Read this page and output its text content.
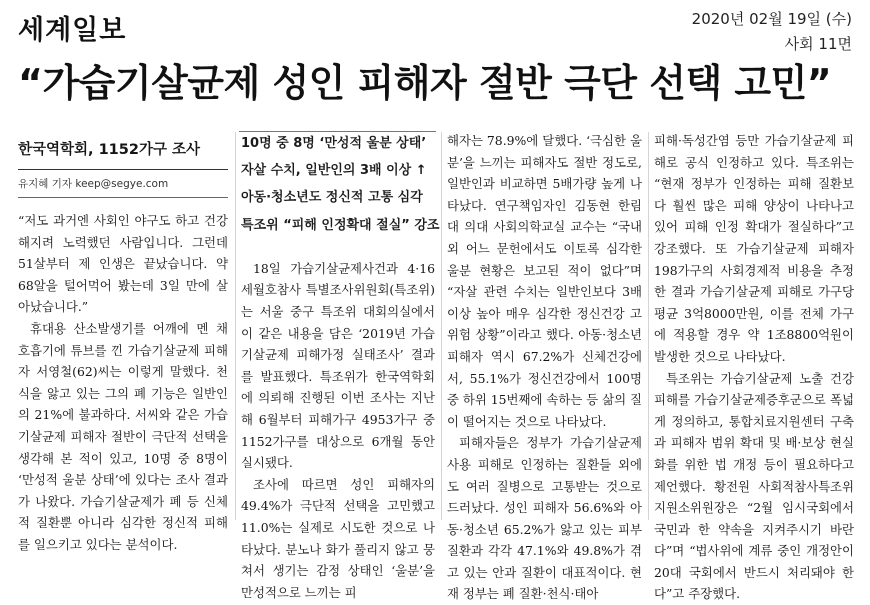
세계일보	2020년 02월 19일 (수)
사회 11면
“가습기살균제 성인 피해자 절반 극단 선택 고민”
한국역학회, 1152가구 조사
유지혜 기자 keep@segye.com

“저도 과거엔 사회인 야구도 하고 건강해지려 노력했던 사람입니다. 그런데 51살부터 제 인생은 끝났습니다. 약 68알을 털어먹어 봤는데 3일 만에 살아났습니다.”

휴대용 산소발생기를 어깨에 멘 채 호흡기에 튜브를 낀 가습기살균제 피해자 서영철(62)씨는 이렇게 말했다. 천식을 앓고 있는 그의 폐 기능은 일반인의 21%에 불과하다. 서씨와 같은 가습기살균제 피해자 절반이 극단적 선택을 생각해 본 적이 있고, 10명 중 8명이 ‘만성적 울분 상태’에 있다는 조사 결과가 나왔다. 가습기살균제가 폐 등 신체적 질환뿐 아니라 심각한 정신적 피해를 일으키고 있다는 분석이다.

10명 중 8명 ‘만성적 울분 상태’
자살 수치, 일반인의 3배 이상 ↑
아동·청소년도 정신적 고통 심각
특조위 “피해 인정확대 절실” 강조

18일 가습기살균제사건과 4·16세월호참사 특별조사위원회(특조위)는 서울 중구 특조위 대회의실에서 이 같은 내용을 담은 ‘2019년 가습기살균제 피해가정 실태조사’ 결과를 발표했다. 특조위가 한국역학회에 의뢰해 진행된 이번 조사는 지난해 6월부터 피해가구 4953가구 중 1152가구를 대상으로 6개월 동안 실시됐다.

조사에 따르면 성인 피해자의 49.4%가 극단적 선택을 고민했고 11.0%는 실제로 시도한 것으로 나타났다. 분노나 화가 풀리지 않고 뭉쳐서 생기는 감정 상태인 ‘울분’을 만성적으로 느끼는 피

해자는 78.9%에 달했다. ‘극심한 울분’을 느끼는 피해자도 절반 정도로, 일반인과 비교하면 5배가량 높게 나타났다. 연구책임자인 김동현 한림대 의대 사회의학교실 교수는 “국내외 어느 문헌에서도 이토록 심각한 울분 현황은 보고된 적이 없다”며 “자살 관련 수치는 일반인보다 3배 이상 높아 매우 심각한 정신건강 고위험 상황”이라고 했다. 아동·청소년 피해자 역시 67.2%가 신체건강에서, 55.1%가 정신건강에서 100명 중 하위 15번째에 속하는 등 삶의 질이 떨어지는 것으로 나타났다.

피해자들은 정부가 가습기살균제 사용 피해로 인정하는 질환들 외에도 여러 질병으로 고통받는 것으로 드러났다. 성인 피해자 56.6%와 아동·청소년 65.2%가 앓고 있는 피부 질환과 각각 47.1%와 49.8%가 겪고 있는 안과 질환이 대표적이다. 현재 정부는 폐 질환·천식·태아

피해·독성간염 등만 가습기살균제 피해로 공식 인정하고 있다. 특조위는 “현재 정부가 인정하는 피해 질환보다 훨씬 많은 피해 양상이 나타나고 있어 피해 인정 확대가 절실하다”고 강조했다. 또 가습기살균제 피해자 198가구의 사회경제적 비용을 추정한 결과 가습기살균제 피해로 가구당 평균 3억8000만원, 이를 전체 가구에 적용할 경우 약 1조8800억원이 발생한 것으로 나타났다.

특조위는 가습기살균제 노출 건강피해를 가습기살균제증후군으로 폭넓게 정의하고, 통합치료지원센터 구축과 피해자 범위 확대 및 배·보상 현실화를 위한 법 개정 등이 필요하다고 제언했다. 황전원 사회적참사특조위 지원소위원장은 “2월 임시국회에서 국민과 한 약속을 지켜주시기 바란다”며 “법사위에 계류 중인 개정안이 20대 국회에서 반드시 처리돼야 한다”고 주장했다.
